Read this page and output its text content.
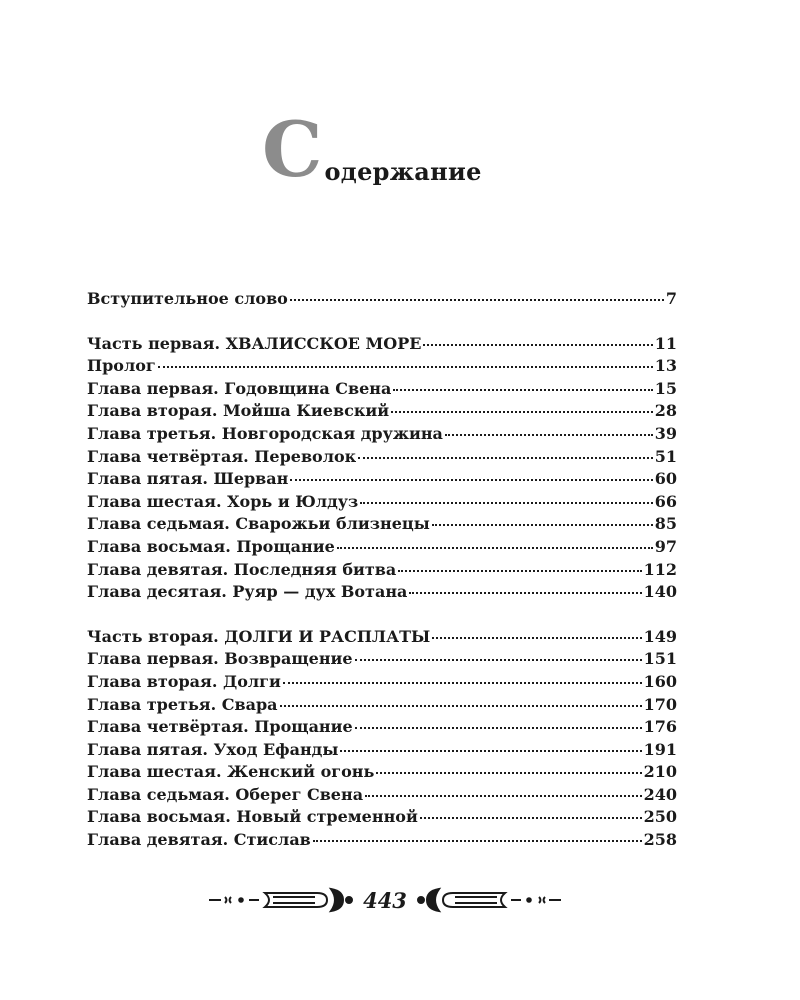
С одержание
Вступительное слово	7
Часть первая. ХВАЛИССКОЕ МОРЕ	11
Пролог	13
Глава первая. Годовщина Свена	15
Глава вторая. Мойша Киевский	28
Глава третья. Новгородская дружина	39
Глава четвёртая. Переволок	51
Глава пятая. Шерван	60
Глава шестая. Хорь и Юлдуз	66
Глава седьмая. Сварожьи близнецы	85
Глава восьмая. Прощание	97
Глава девятая. Последняя битва	112
Глава десятая. Руяр — дух Вотана	140
Часть вторая. ДОЛГИ И РАСПЛАТЫ	149
Глава первая. Возвращение	151
Глава вторая. Долги	160
Глава третья. Свара	170
Глава четвёртая. Прощание	176
Глава пятая. Уход Ефанды	191
Глава шестая. Женский огонь	210
Глава седьмая. Оберег Свена	240
Глава восьмая. Новый стременной	250
Глава девятая. Стислав	258
443
